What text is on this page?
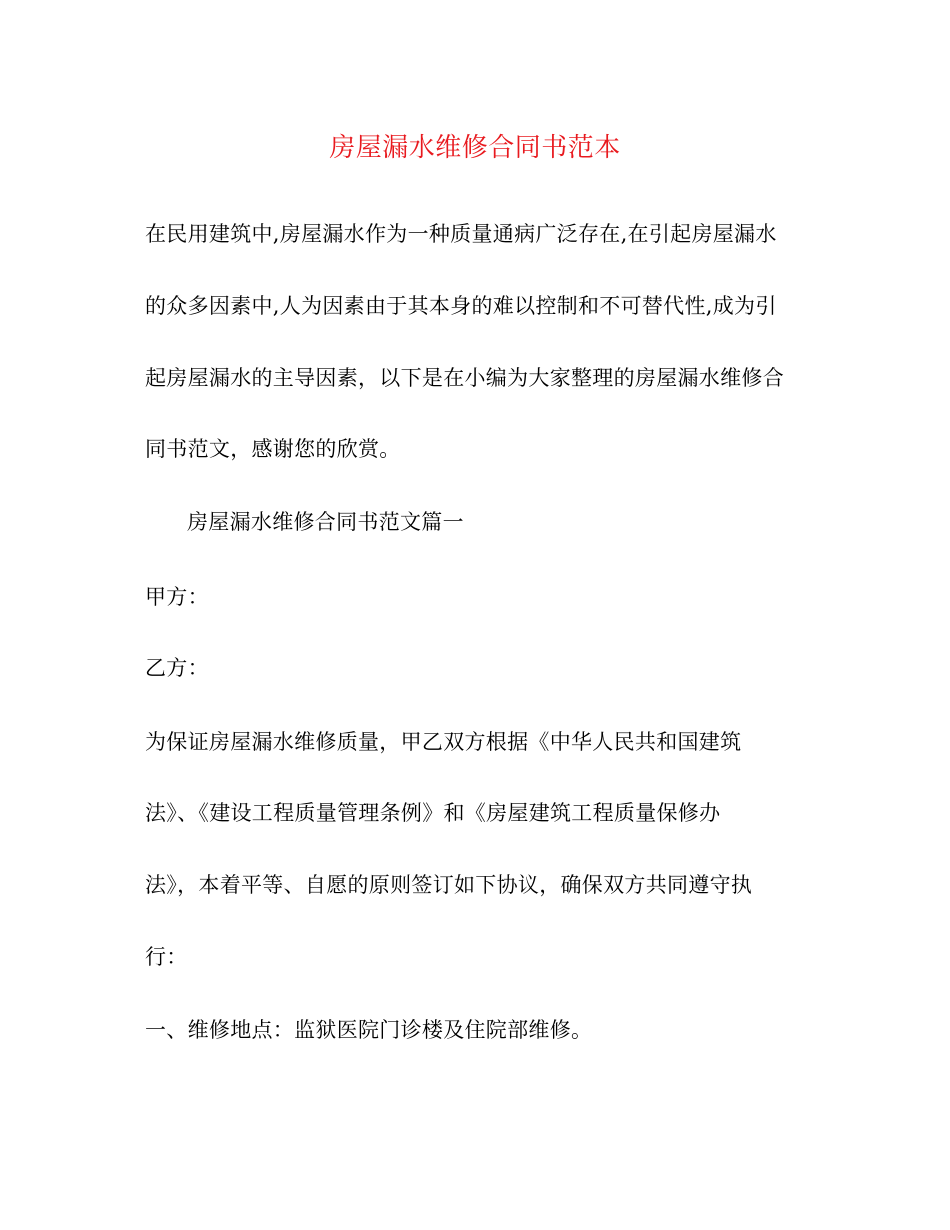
房屋漏水维修合同书范本
在民用建筑中,房屋漏水作为一种质量通病广泛存在,在引起房屋漏水
的众多因素中,人为因素由于其本身的难以控制和不可替代性,成为引
起房屋漏水的主导因素，以下是在小编为大家整理的房屋漏水维修合
同书范文，感谢您的欣赏。
房屋漏水维修合同书范文篇一
甲方：
乙方：
为保证房屋漏水维修质量，甲乙双方根据《中华人民共和国建筑
法》、《建设工程质量管理条例》和《房屋建筑工程质量保修办
法》，本着平等、自愿的原则签订如下协议，确保双方共同遵守执
行：
一、维修地点：监狱医院门诊楼及住院部维修。
